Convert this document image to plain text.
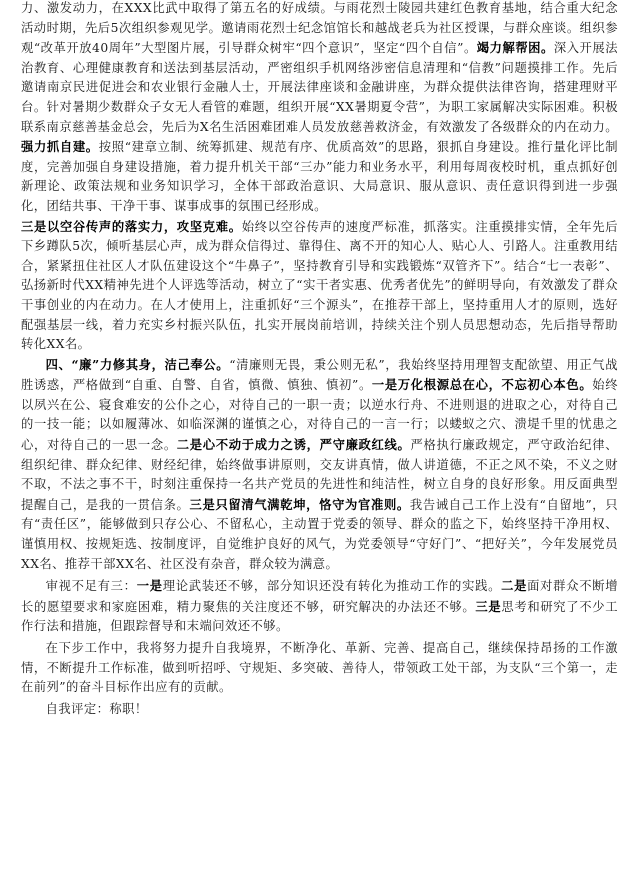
力、激发动力，在XXX比武中取得了第五名的好成绩。与雨花烈士陵园共建红色教育基地，结合重大纪念活动时期，先后5次组织参观见学。邀请雨花烈士纪念馆馆长和越战老兵为社区授课，与群众座谈。组织参观“改革开放40周年”大型图片展，引导群众树牢“四个意识”，坚定“四个自信”。竭力解帮困。深入开展法治教育、心理健康教育和送法到基层活动，严密组织手机网络涉密信息清理和“信教”问题摸排工作。先后邀请南京民进促进会和农业银行金融人士，开展法律座谈和金融讲座，为群众提供法律咨询，搭建理财平台。针对暑期少数群众子女无人看管的难题，组织开展“XX暑期夏令营”，为职工家属解决实际困难。积极联系南京慈善基金总会，先后为X名生活困难团难人员发放慈善救济金，有效激发了各级群众的内在动力。强力抓自建。按照“建章立制、统筹抓建、规范有序、优质高效”的思路，狠抓自身建设。推行量化评比制度，完善加强自身建设措施，着力提升机关干部“三办”能力和业务水平，利用每周夜校时机，重点抓好创新理论、政策法规和业务知识学习，全体干部政治意识、大局意识、服从意识、责任意识得到进一步强化，团结共事、干净干事、谋事成事的氛围已经形成。

三是以空谷传声的落实力，攻坚克难。始终以空谷传声的速度严标准，抓落实。注重摸排实情，全年先后下乡蹲队5次，倾听基层心声，成为群众信得过、靠得住、离不开的知心人、贴心人、引路人。注重教用结合，紧紧扭住社区人才队伍建设这个“牛鼻子”，坚持教育引导和实践锻炼“双管齐下”。结合“七一表彰”、弘扬新时代XX精神先进个人评选等活动，树立了“实干者实惠、优秀者优先”的鲜明导向，有效激发了群众干事创业的内在动力。在人才使用上，注重抓好“三个源头”，在推荐干部上，坚持重用人才的原则，选好配强基层一线，着力充实乡村振兴队伍，扎实开展岗前培训，持续关注个别人员思想动态，先后指导帮助转化XX名。

四、“廉”力修其身，洁己奉公。“清廉则无畏，秉公则无私”，我始终坚持用理智支配欲望、用正气战胜诱惑，严格做到“自重、自警、自省，慎微、慎独、慎初”。一是万化根源总在心，不忘初心本色。始终以夙兴在公、寝食难安的公仆之心，对待自己的一职一责；以逆水行舟、不进则退的进取之心，对待自己的一技一能；以如履薄冰、如临深渊的谨慎之心，对待自己的一言一行；以蝼蚁之穴、溃堤千里的忧患之心，对待自己的一思一念。二是心不动于成力之诱，严守廉政红线。严格执行廉政规定，严守政治纪律、组织纪律、群众纪律、财经纪律，始终做事讲原则，交友讲真情，做人讲道德，不正之风不染，不义之财不取，不法之事不干，时刻注重保持一名共产党员的先进性和纯洁性，树立自身的良好形象。用反面典型提醒自己，是我的一贯信条。三是只留清气满乾坤，恪守为官准则。我告诫自己工作上没有“自留地”，只有“责任区”，能够做到只存公心、不留私心，主动置于党委的领导、群众的监之下，始终坚持干净用权、谨慎用权、按规矩选、按制度评，自觉维护良好的风气，为党委领导“守好门”、“把好关”，今年发展党员XX名、推荐干部XX名、社区没有杂音，群众较为满意。

审视不足有三：一是理论武装还不够，部分知识还没有转化为推动工作的实践。二是面对群众不断增长的愿望要求和家庭困难，精力聚焦的关注度还不够，研究解决的办法还不够。三是思考和研究了不少工作行法和措施，但跟踪督导和末端问效还不够。

在下步工作中，我将努力提升自我境界，不断净化、革新、完善、提高自己，继续保持昂扬的工作激情，不断提升工作标准，做到听招呼、守规矩、多突破、善待人，带领政工处干部，为支队“三个第一，走在前列”的奋斗目标作出应有的贡献。

自我评定：称职！
